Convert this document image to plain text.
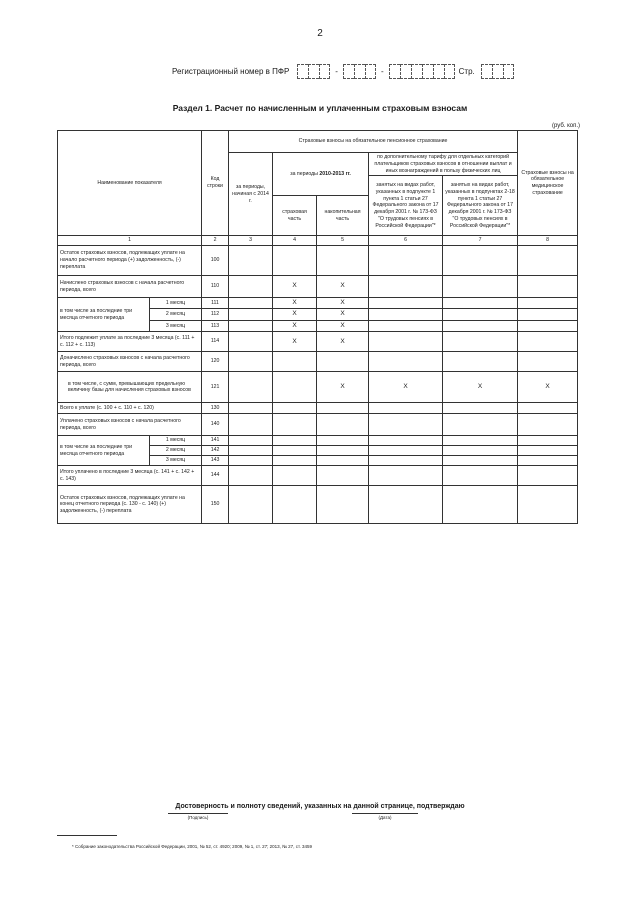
2
Регистрационный номер в ПФР	-	-	Стр.
Раздел 1. Расчет по начисленным и уплаченным страховым взносам
(руб. коп.)
Наименование показателя		Код строки	Страховые взносы на обязательное пенсионное страхование					Страховые взносы на обязательное медицинское страхование
			за периоды, начиная с 2014 г.	за периоды 2010-2013 гг.		по дополнительному тарифу для отдельных категорий плательщиков страховых взносов в отношении выплат и иных вознаграждений в пользу физических лиц		
						занятых на видах работ, указанных в подпункте 1 пункта 1 статьи 27 Федерального закона от 17 декабря 2001 г. № 173-ФЗ "О трудовых пенсиях в Российской Федерации"*	занятых на видах работ, указанных в подпунктах 2-18 пункта 1 статьи 27 Федерального закона от 17 декабря 2001 г. № 173-ФЗ "О трудовых пенсиях в Российской Федерации"*	
				страховая часть	накопительная часть			
1		2	3	4	5	6	7	8
Остаток страховых взносов, подлежащих уплате на начало расчетного периода (+) задолженность, (-) переплата		100						
Начислено страховых взносов с начала расчетного периода, всего		110		X	X			
в том числе за последние три месяца отчетного периода	1 месяц	111		X	X			
	2 месяц	112		X	X			
	3 месяц	113		X	X			
Итого подлежит уплате за последние 3 месяца (с. 111 + с. 112 + с. 113)		114		X	X			
Доначислено страховых взносов с начала расчетного периода, всего		120						
в том числе, с сумм, превышающих предельную величину базы для начисления страховых взносов		121			X	X	X	X
Всего к уплате (с. 100 + с. 110 + с. 120)		130						
Уплачено страховых взносов с начала расчетного периода, всего		140						
в том числе за последние три месяца отчетного периода	1 месяц	141						
	2 месяц	142						
	3 месяц	143						
Итого уплачено в последние 3 месяца (с. 141 + с. 142 + с. 143)		144						
Остаток страховых взносов, подлежащих уплате на конец отчетного периода (с. 130 - с. 140) (+) задолженность, (-) переплата		150						
Достоверность и полноту сведений, указанных на данной странице, подтверждаю
(Подпись)	(Дата)
* Собрание законодательства Российской Федерации, 2001, № 52, ст. 4920; 2009, № 1, ст. 27; 2013, № 27, ст. 3459
